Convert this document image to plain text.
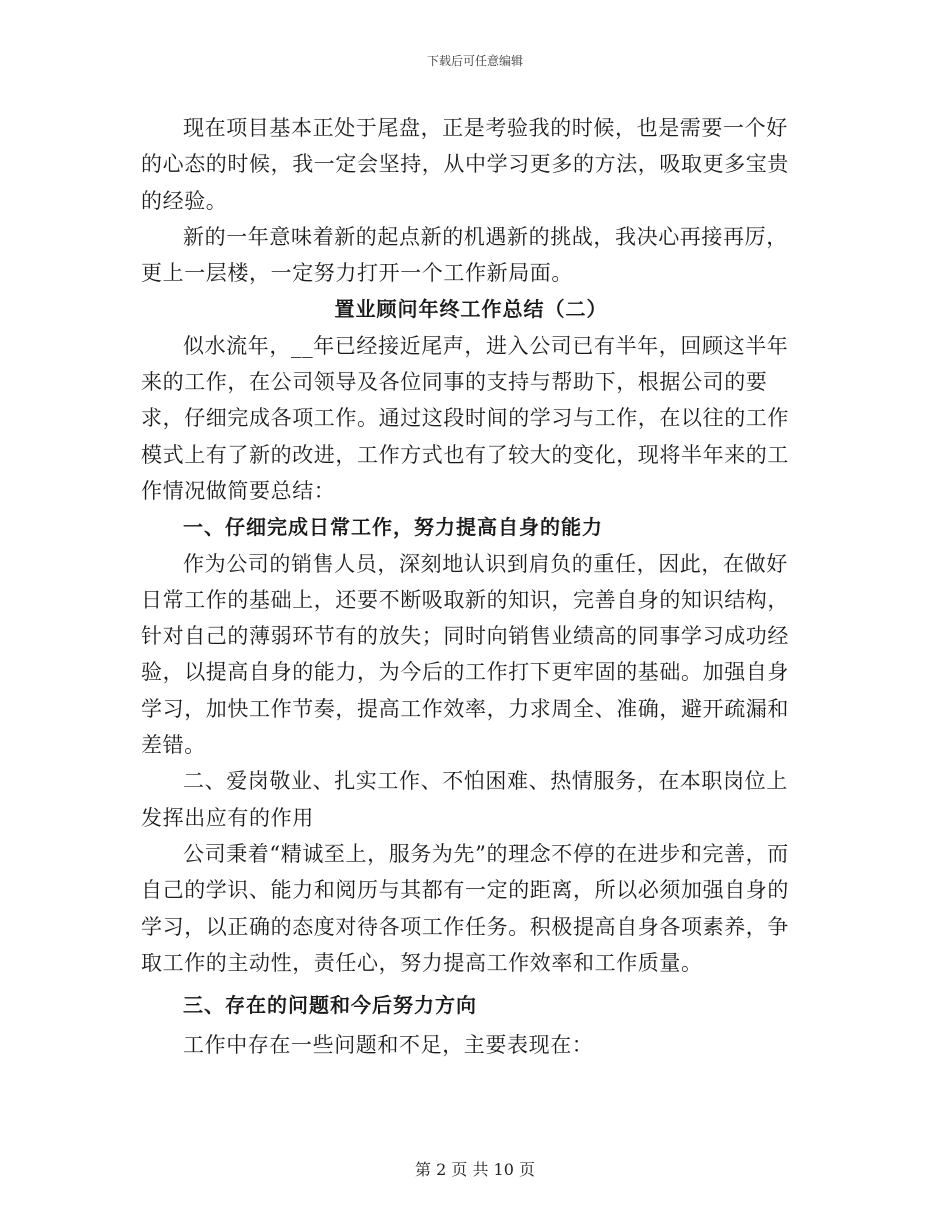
下载后可任意编辑

现在项目基本正处于尾盘，正是考验我的时候，也是需要一个好的心态的时候，我一定会坚持，从中学习更多的方法，吸取更多宝贵的经验。

新的一年意味着新的起点新的机遇新的挑战，我决心再接再厉，更上一层楼，一定努力打开一个工作新局面。

置业顾问年终工作总结（二）

似水流年，__年已经接近尾声，进入公司已有半年，回顾这半年来的工作，在公司领导及各位同事的支持与帮助下，根据公司的要求，仔细完成各项工作。通过这段时间的学习与工作，在以往的工作模式上有了新的改进，工作方式也有了较大的变化，现将半年来的工作情况做简要总结：

一、仔细完成日常工作，努力提高自身的能力

作为公司的销售人员，深刻地认识到肩负的重任，因此，在做好日常工作的基础上，还要不断吸取新的知识，完善自身的知识结构，针对自己的薄弱环节有的放失；同时向销售业绩高的同事学习成功经验，以提高自身的能力，为今后的工作打下更牢固的基础。加强自身学习，加快工作节奏，提高工作效率，力求周全、准确，避开疏漏和差错。

二、爱岗敬业、扎实工作、不怕困难、热情服务，在本职岗位上发挥出应有的作用

公司秉着“精诚至上，服务为先”的理念不停的在进步和完善，而自己的学识、能力和阅历与其都有一定的距离，所以必须加强自身的学习，以正确的态度对待各项工作任务。积极提高自身各项素养，争取工作的主动性，责任心，努力提高工作效率和工作质量。

三、存在的问题和今后努力方向

工作中存在一些问题和不足，主要表现在：

第 2 页 共 10 页
